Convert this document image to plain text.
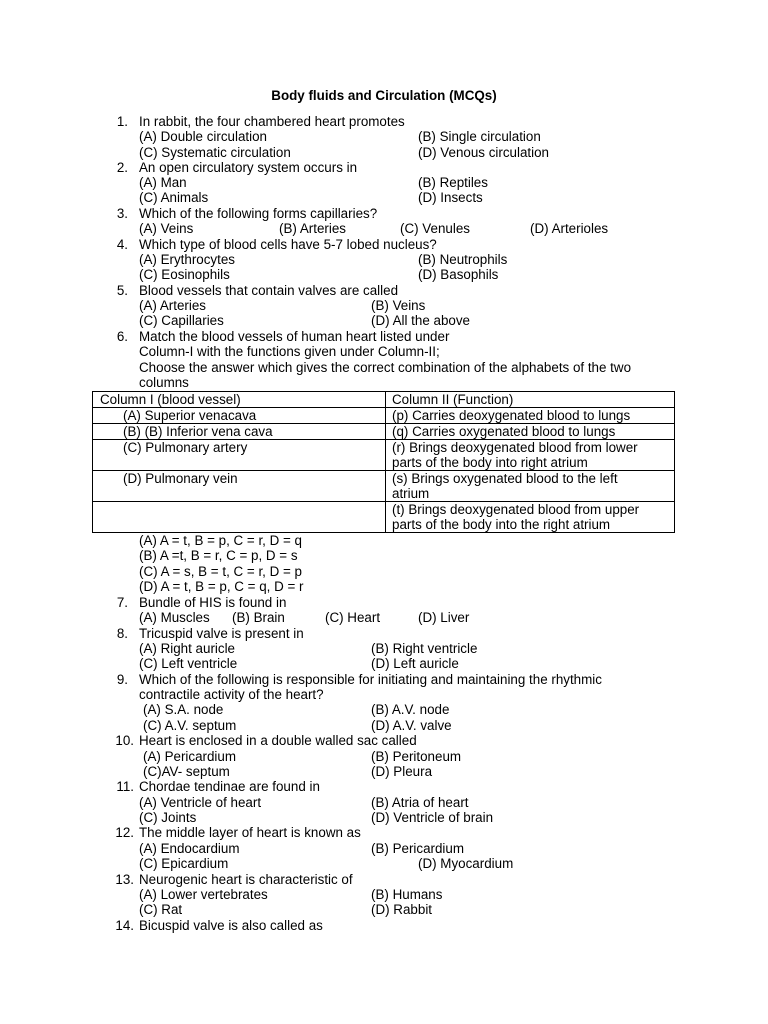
Body fluids and Circulation (MCQs)
1. In rabbit, the four chambered heart promotes
(A) Double circulation	(B) Single circulation
(C) Systematic circulation	(D) Venous circulation
2. An open circulatory system occurs in
(A) Man	(B) Reptiles
(C) Animals	(D) Insects
3. Which of the following forms capillaries?
(A) Veins	(B) Arteries	(C) Venules	(D) Arterioles
4. Which type of blood cells have 5-7 lobed nucleus?
(A) Erythrocytes	(B) Neutrophils
(C) Eosinophils	(D) Basophils
5. Blood vessels that contain valves are called
(A) Arteries	(B) Veins
(C) Capillaries	(D) All the above
6. Match the blood vessels of human heart listed under
Column-I with the functions given under Column-II;
Choose the answer which gives the correct combination of the alphabets of the two
columns
Column I (blood vessel)	Column II (Function)
(A) Superior venacava	(p) Carries deoxygenated blood to lungs
(B) (B) Inferior vena cava	(q) Carries oxygenated blood to lungs
(C) Pulmonary artery	(r) Brings deoxygenated blood from lower
parts of the body into right atrium

(D) Pulmonary vein	(s) Brings oxygenated blood to the left
atrium

	(t) Brings deoxygenated blood from upper
parts of the body into the right atrium
(A) A = t, B = p, C = r, D = q
(B) A =t, B = r, C = p, D = s
(C) A = s, B = t, C = r, D = p
(D) A = t, B = p, C = q, D = r
7. Bundle of HIS is found in
(A) Muscles (B) Brain	(C) Heart	(D) Liver
8. Tricuspid valve is present in
(A) Right auricle	(B) Right ventricle
(C) Left ventricle	(D) Left auricle
9. Which of the following is responsible for initiating and maintaining the rhythmic
contractile activity of the heart?
(A) S.A. node	(B) A.V. node
(C) A.V. septum	(D) A.V. valve
10. Heart is enclosed in a double walled sac called
(A) Pericardium	(B) Peritoneum
(C)AV- septum	(D) Pleura
11. Chordae tendinae are found in
(A) Ventricle of heart	(B) Atria of heart
(C) Joints	(D) Ventricle of brain
12. The middle layer of heart is known as
(A) Endocardium	(B) Pericardium
(C) Epicardium	(D) Myocardium
13. Neurogenic heart is characteristic of
(A) Lower vertebrates	(B) Humans
(C) Rat	(D) Rabbit
14. Bicuspid valve is also called as
